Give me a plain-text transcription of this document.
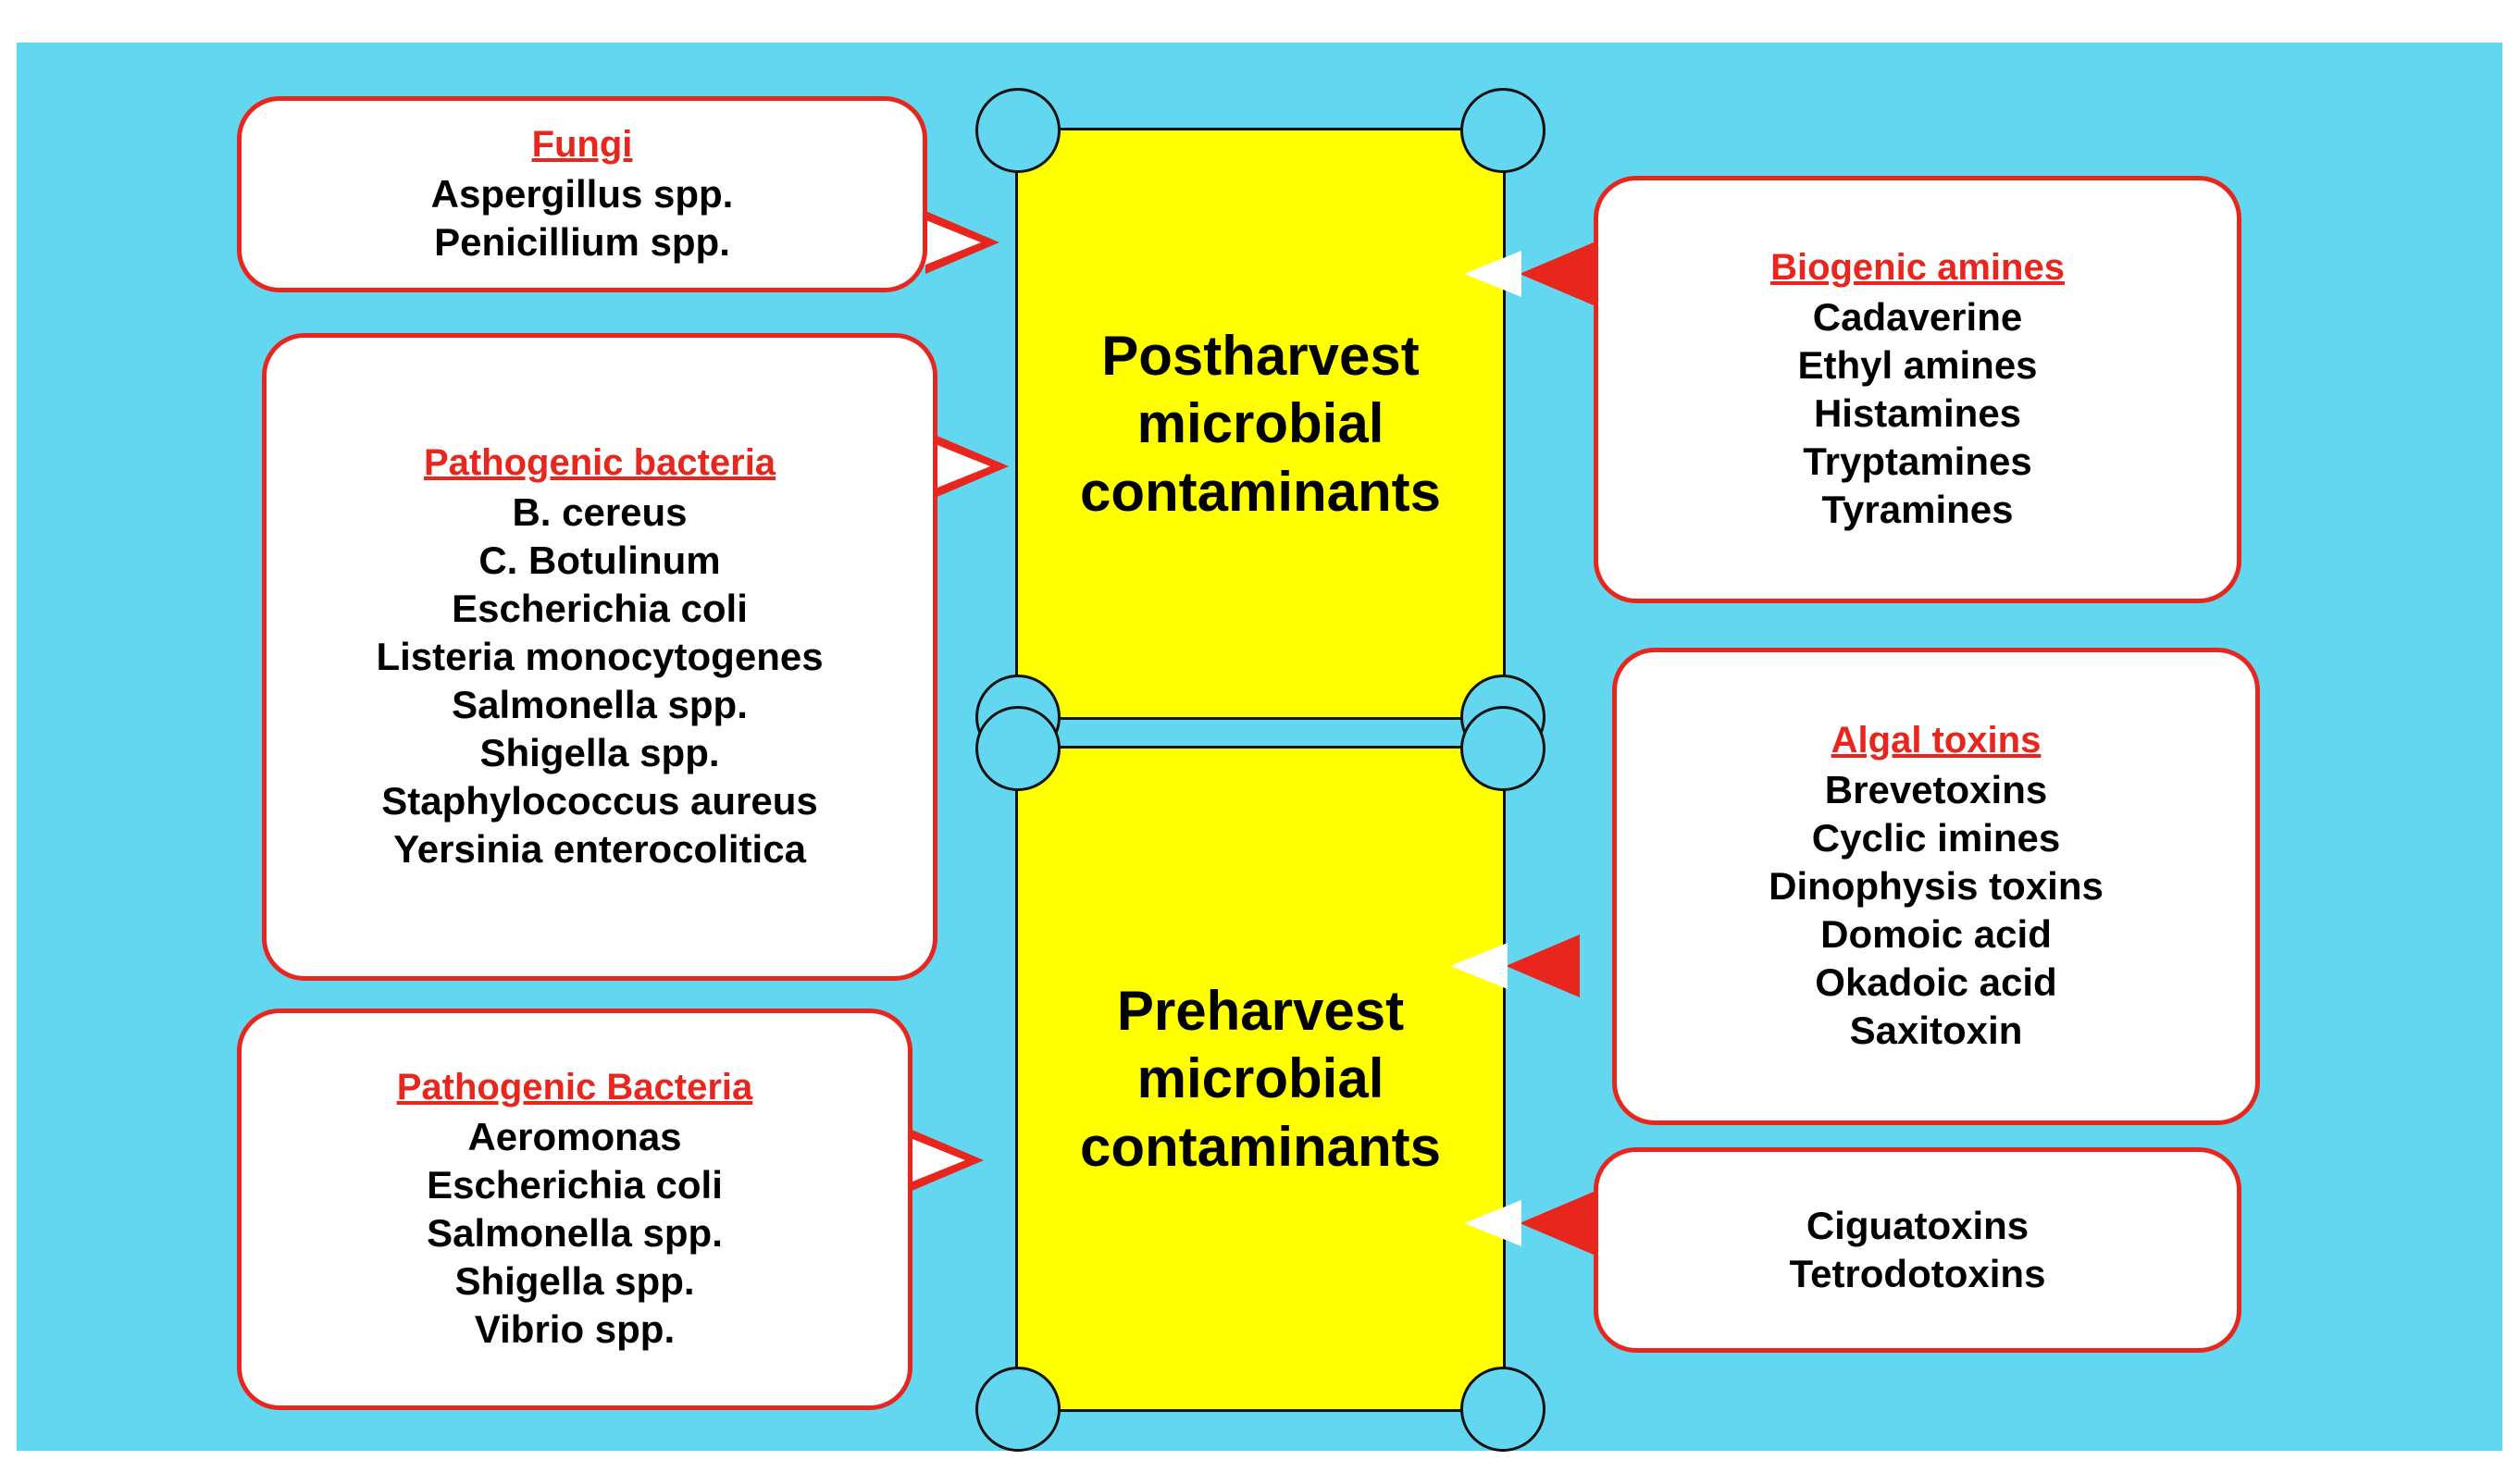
Postharvest microbial contaminants
Preharvest microbial contaminants
Fungi
Aspergillus spp.
Penicillium spp.
Pathogenic bacteria
B. cereus
C. Botulinum
Escherichia coli
Listeria monocytogenes
Salmonella spp.
Shigella spp.
Staphylococcus aureus
Yersinia enterocolitica
Pathogenic Bacteria
Aeromonas
Escherichia coli
Salmonella spp.
Shigella spp.
Vibrio spp.
Biogenic amines
Cadaverine
Ethyl amines
Histamines
Tryptamines
Tyramines
Algal toxins
Brevetoxins
Cyclic imines
Dinophysis toxins
Domoic acid
Okadoic acid
Saxitoxin
Ciguatoxins
Tetrodotoxins
